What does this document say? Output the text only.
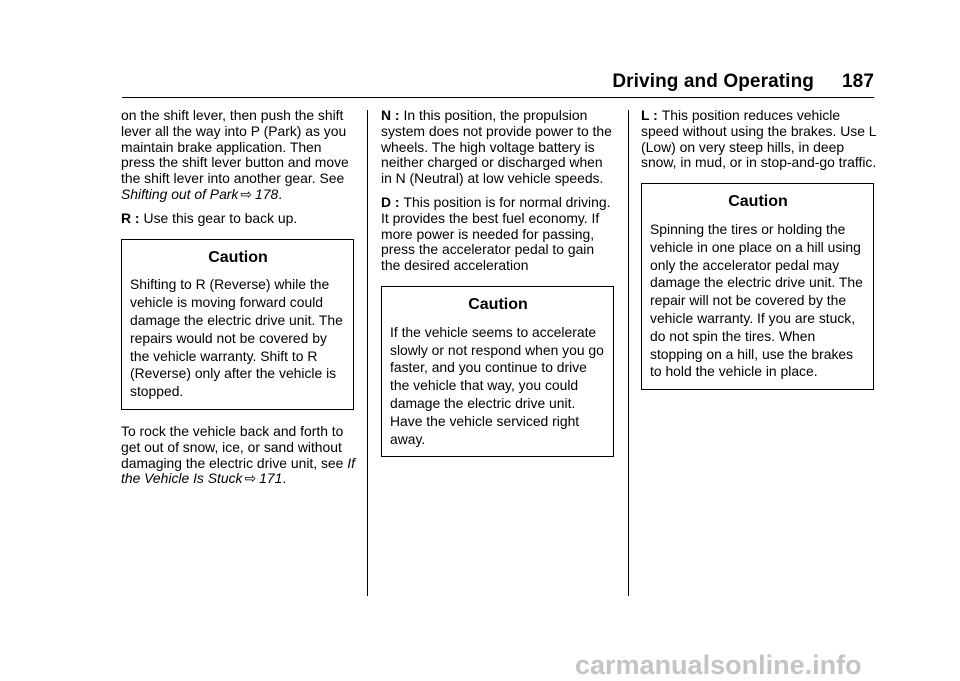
Driving and Operating 187

on the shift lever, then push the shift lever all the way into P (Park) as you maintain brake application. Then press the shift lever button and move the shift lever into another gear. See Shifting out of Park ⇨ 178.

R : Use this gear to back up.

Caution
Shifting to R (Reverse) while the vehicle is moving forward could damage the electric drive unit. The repairs would not be covered by the vehicle warranty. Shift to R (Reverse) only after the vehicle is stopped.

To rock the vehicle back and forth to get out of snow, ice, or sand without damaging the electric drive unit, see If the Vehicle Is Stuck ⇨ 171.

N : In this position, the propulsion system does not provide power to the wheels. The high voltage battery is neither charged or discharged when in N (Neutral) at low vehicle speeds.

D : This position is for normal driving. It provides the best fuel economy. If more power is needed for passing, press the accelerator pedal to gain the desired acceleration

Caution
If the vehicle seems to accelerate slowly or not respond when you go faster, and you continue to drive the vehicle that way, you could damage the electric drive unit. Have the vehicle serviced right away.

L : This position reduces vehicle speed without using the brakes. Use L (Low) on very steep hills, in deep snow, in mud, or in stop-and-go traffic.

Caution
Spinning the tires or holding the vehicle in one place on a hill using only the accelerator pedal may damage the electric drive unit. The repair will not be covered by the vehicle warranty. If you are stuck, do not spin the tires. When stopping on a hill, use the brakes to hold the vehicle in place.
carmanualsonline.info
